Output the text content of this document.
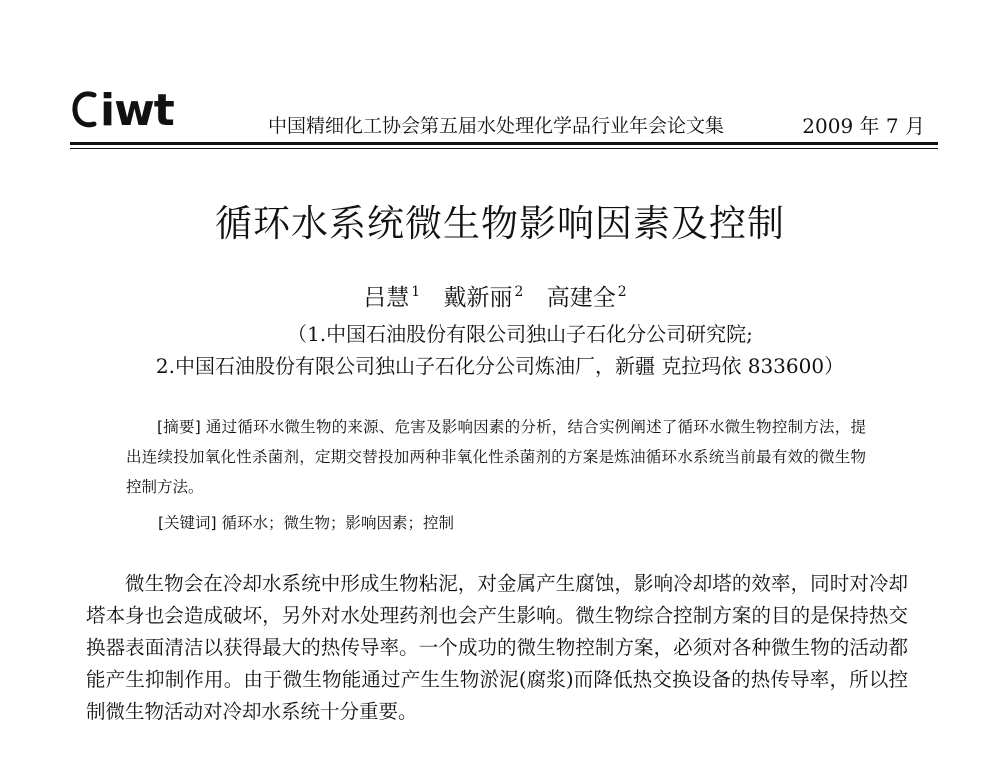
iwt	中国精细化工协会第五届水处理化学品行业年会论文集	2009 年 7 月
循环水系统微生物影响因素及控制
吕慧 $^1$ 戴新丽 $^2$ 高建全 $^2$
（1.中国石油股份有限公司独山子石化分公司研究院;
2.中国石油股份有限公司独山子石化分公司炼油厂，新疆 克拉玛依 833600）
[摘要] 通过循环水微生物的来源、危害及影响因素的分析，结合实例阐述了循环水微生物控制方法，提出连续投加氧化性杀菌剂，定期交替投加两种非氧化性杀菌剂的方案是炼油循环水系统当前最有效的微生物控制方法。
[关键词] 循环水；微生物；影响因素；控制
微生物会在冷却水系统中形成生物粘泥，对金属产生腐蚀，影响冷却塔的效率，同时对冷却塔本身也会造成破坏，另外对水处理药剂也会产生影响。微生物综合控制方案的目的是保持热交换器表面清洁以获得最大的热传导率。一个成功的微生物控制方案，必须对各种微生物的活动都能产生抑制作用。由于微生物能通过产生生物淤泥(腐浆)而降低热交换设备的热传导率，所以控制微生物活动对冷却水系统十分重要。
